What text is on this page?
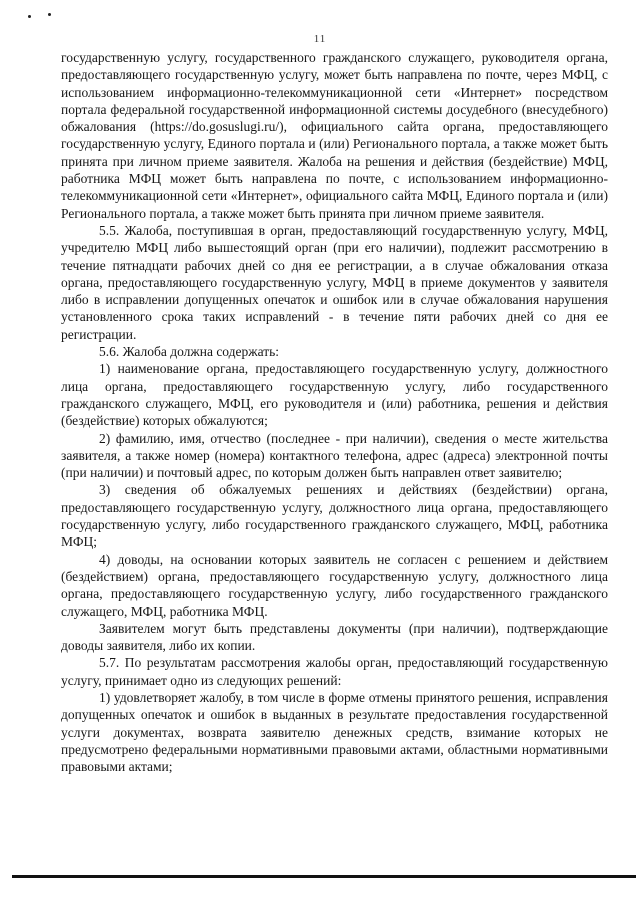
11

государственную услугу, государственного гражданского служащего, руководителя органа, предоставляющего государственную услугу, может быть направлена по почте, через МФЦ, с использованием информационно-телекоммуникационной сети «Интернет» посредством портала федеральной государственной информационной системы досудебного (внесудебного) обжалования (https://do.gosuslugi.ru/), официального сайта органа, предоставляющего государственную услугу, Единого портала и (или) Регионального портала, а также может быть принята при личном приеме заявителя. Жалоба на решения и действия (бездействие) МФЦ, работника МФЦ может быть направлена по почте, с использованием информационно-телекоммуникационной сети «Интернет», официального сайта МФЦ, Единого портала и (или) Регионального портала, а также может быть принята при личном приеме заявителя.

5.5. Жалоба, поступившая в орган, предоставляющий государственную услугу, МФЦ, учредителю МФЦ либо вышестоящий орган (при его наличии), подлежит рассмотрению в течение пятнадцати рабочих дней со дня ее регистрации, а в случае обжалования отказа органа, предоставляющего государственную услугу, МФЦ в приеме документов у заявителя либо в исправлении допущенных опечаток и ошибок или в случае обжалования нарушения установленного срока таких исправлений - в течение пяти рабочих дней со дня ее регистрации.

5.6. Жалоба должна содержать:

1) наименование органа, предоставляющего государственную услугу, должностного лица органа, предоставляющего государственную услугу, либо государственного гражданского служащего, МФЦ, его руководителя и (или) работника, решения и действия (бездействие) которых обжалуются;

2) фамилию, имя, отчество (последнее - при наличии), сведения о месте жительства заявителя, а также номер (номера) контактного телефона, адрес (адреса) электронной почты (при наличии) и почтовый адрес, по которым должен быть направлен ответ заявителю;

3) сведения об обжалуемых решениях и действиях (бездействии) органа, предоставляющего государственную услугу, должностного лица органа, предоставляющего государственную услугу, либо государственного гражданского служащего, МФЦ, работника МФЦ;

4) доводы, на основании которых заявитель не согласен с решением и действием (бездействием) органа, предоставляющего государственную услугу, должностного лица органа, предоставляющего государственную услугу, либо государственного гражданского служащего, МФЦ, работника МФЦ.

Заявителем могут быть представлены документы (при наличии), подтверждающие доводы заявителя, либо их копии.

5.7. По результатам рассмотрения жалобы орган, предоставляющий государственную услугу, принимает одно из следующих решений:

1) удовлетворяет жалобу, в том числе в форме отмены принятого решения, исправления допущенных опечаток и ошибок в выданных в результате предоставления государственной услуги документах, возврата заявителю денежных средств, взимание которых не предусмотрено федеральными нормативными правовыми актами, областными нормативными правовыми актами;
